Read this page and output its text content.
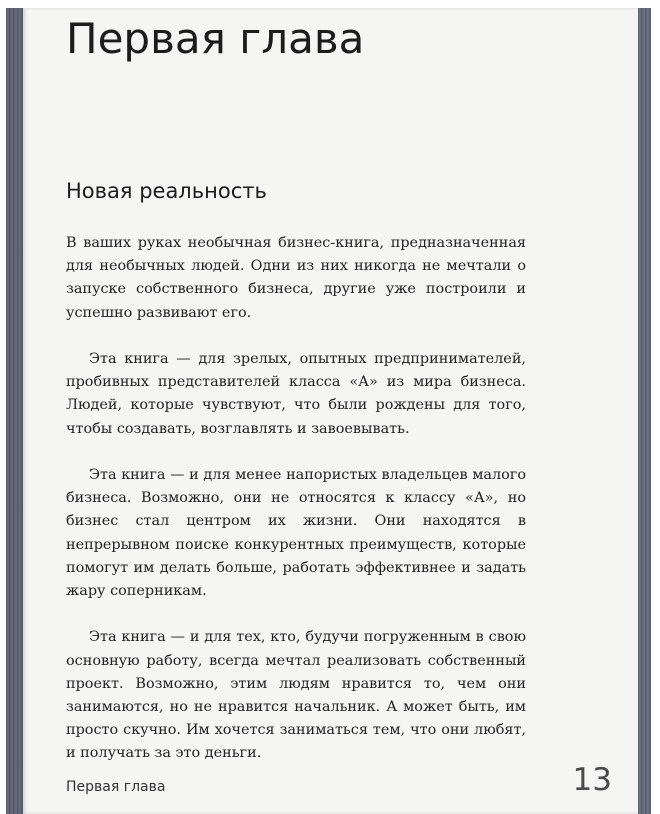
Первая глава
Новая реальность

В ваших руках необычная бизнес-книга, предназначенная для необычных людей. Одни из них никогда не мечтали о запуске собственного бизнеса, другие уже построили и успешно развивают его.

Эта книга — для зрелых, опытных предпринимателей, пробивных представителей класса «А» из мира бизнеса. Людей, которые чувствуют, что были рождены для того, чтобы создавать, возглавлять и завоевывать.

Эта книга — и для менее напористых владельцев малого бизнеса. Возможно, они не относятся к классу «А», но бизнес стал центром их жизни. Они находятся в непрерывном поиске конкурентных преимуществ, которые помогут им делать больше, работать эффективнее и задать жару соперникам.

Эта книга — и для тех, кто, будучи погруженным в свою основную работу, всегда мечтал реализовать собственный проект. Возможно, этим людям нравится то, чем они занимаются, но не нравится начальник. А может быть, им просто скучно. Им хочется заниматься тем, что они любят, и получать за это деньги.

Первая глава	13
